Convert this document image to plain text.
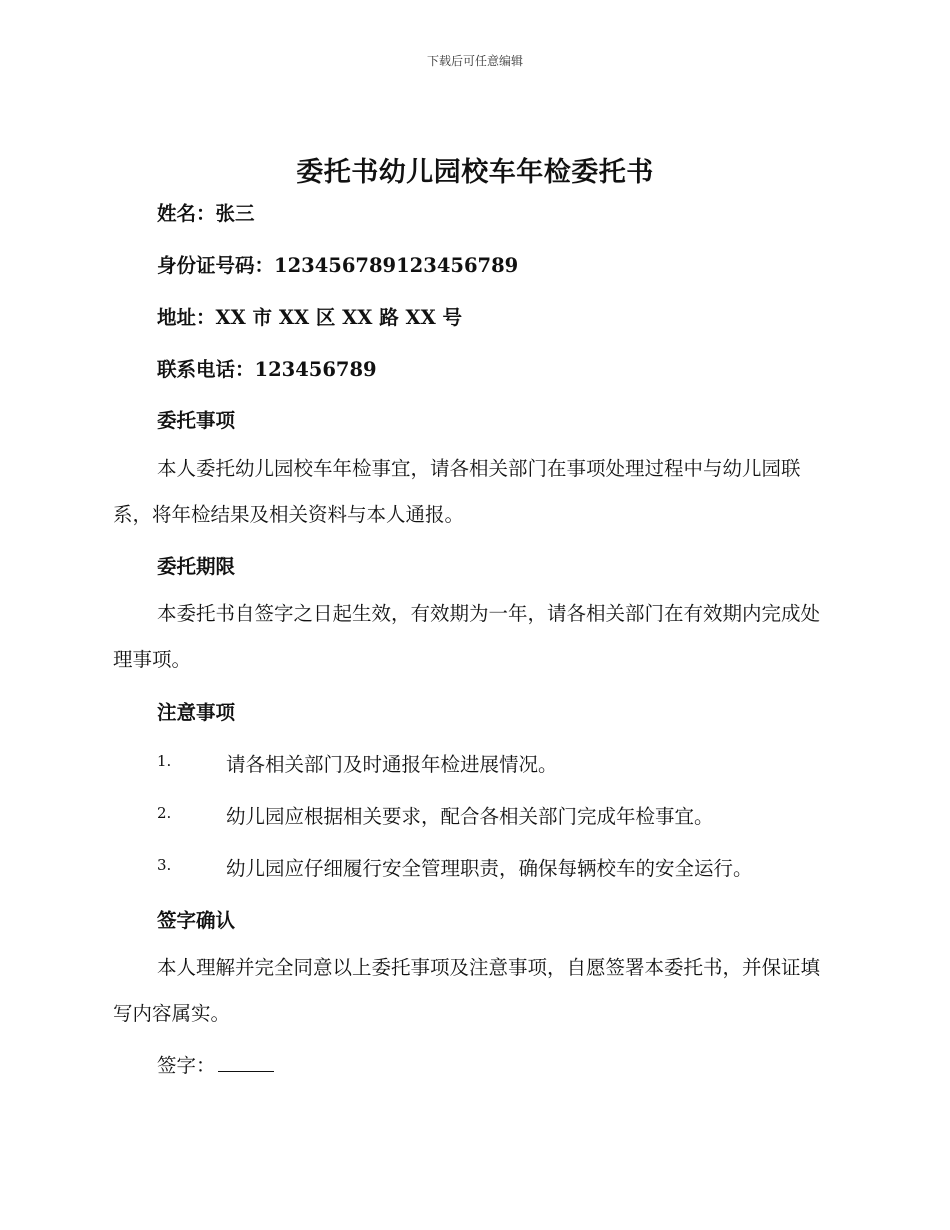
下载后可任意编辑
委托书幼儿园校车年检委托书
姓名：张三
身份证号码：123456789123456789
地址：XX 市 XX 区 XX 路 XX 号
联系电话：123456789
委托事项
本人委托幼儿园校车年检事宜，请各相关部门在事项处理过程中与幼儿园联系，将年检结果及相关资料与本人通报。
委托期限
本委托书自签字之日起生效，有效期为一年，请各相关部门在有效期内完成处理事项。
注意事项
1.	请各相关部门及时通报年检进展情况。
2.	幼儿园应根据相关要求，配合各相关部门完成年检事宜。
3.	幼儿园应仔细履行安全管理职责，确保每辆校车的安全运行。
签字确认
本人理解并完全同意以上委托事项及注意事项，自愿签署本委托书，并保证填写内容属实。
签字：
